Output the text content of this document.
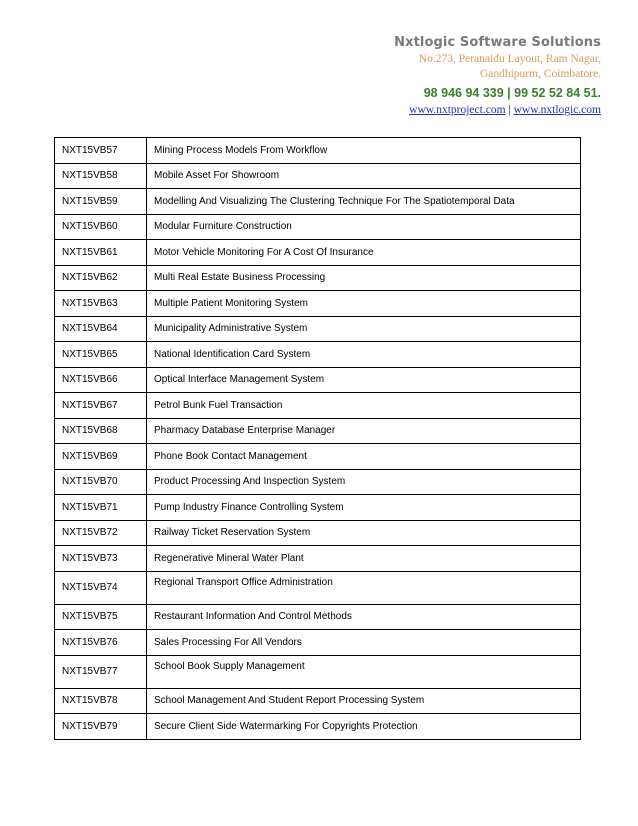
Nxtlogic Software Solutions
No.273, Peranaidu Layout, Ram Nagar,
Gandhipurm, Coimbatore.
98 946 94 339 | 99 52 52 84 51.
www.nxtproject.com | www.nxtlogic.com
NXT15VB57	Mining Process Models From Workflow
NXT15VB58	Mobile Asset For Showroom
NXT15VB59	Modelling And Visualizing The Clustering Technique For The Spatiotemporal Data
NXT15VB60	Modular Furniture Construction
NXT15VB61	Motor Vehicle Monitoring For A Cost Of Insurance
NXT15VB62	Multi Real Estate Business Processing
NXT15VB63	Multiple Patient Monitoring System
NXT15VB64	Municipality Administrative System
NXT15VB65	National Identification Card System
NXT15VB66	Optical Interface Management System
NXT15VB67	Petrol Bunk Fuel Transaction
NXT15VB68	Pharmacy Database Enterprise Manager
NXT15VB69	Phone Book Contact Management
NXT15VB70	Product Processing And Inspection System
NXT15VB71	Pump Industry Finance Controlling System
NXT15VB72	Railway Ticket Reservation System
NXT15VB73	Regenerative Mineral Water Plant
NXT15VB74	Regional Transport Office Administration
NXT15VB75	Restaurant Information And Control Methods
NXT15VB76	Sales Processing For All Vendors
NXT15VB77	School Book Supply Management
NXT15VB78	School Management And Student Report Processing System
NXT15VB79	Secure Client Side Watermarking For Copyrights Protection
